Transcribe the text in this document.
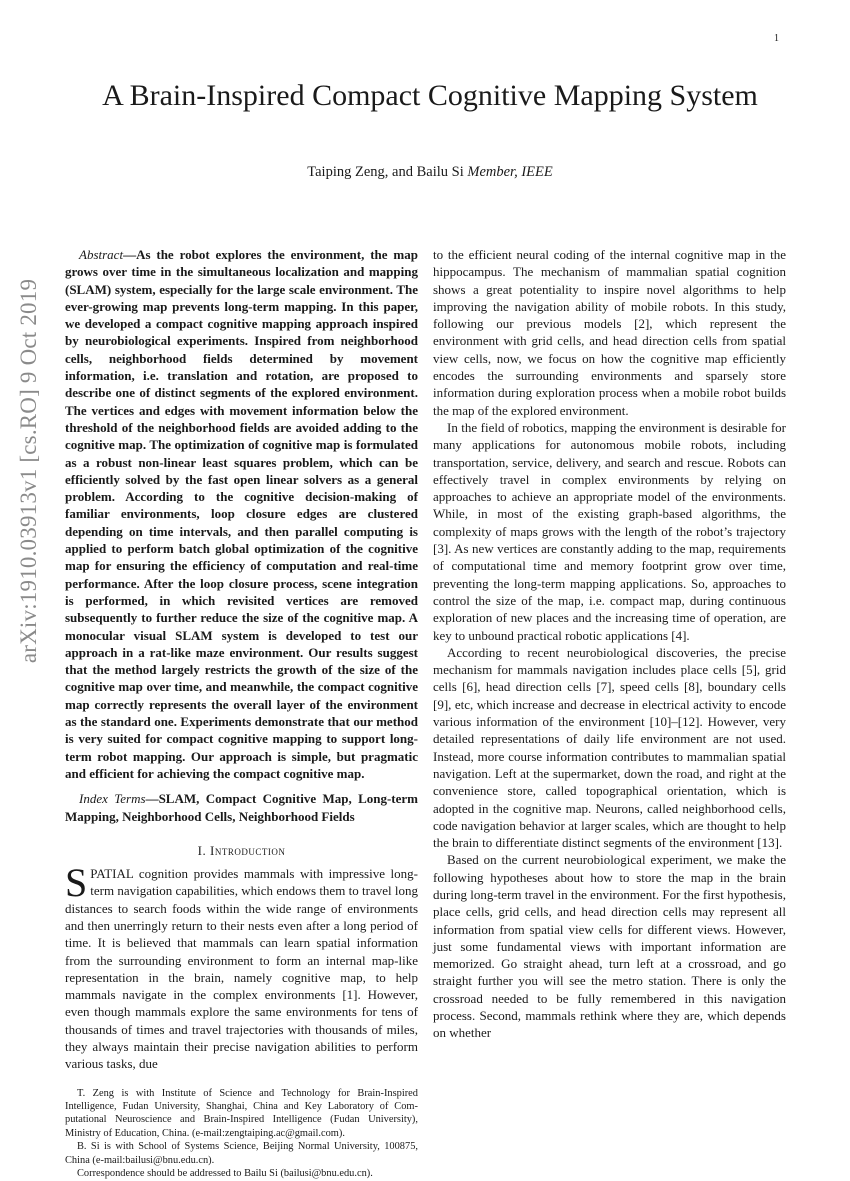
1
arXiv:1910.03913v1 [cs.RO] 9 Oct 2019
A Brain-Inspired Compact Cognitive Mapping System
Taiping Zeng, and Bailu Si Member, IEEE

Abstract—As the robot explores the environment, the map grows over time in the simultaneous localization and mapping (SLAM) system, especially for the large scale environment. The ever-growing map prevents long-term mapping. In this paper, we developed a compact cognitive mapping approach inspired by neurobiological experiments. Inspired from neighborhood cells, neighborhood fields determined by movement information, i.e. translation and rotation, are proposed to describe one of distinct segments of the explored environment. The vertices and edges with movement information below the threshold of the neighborhood fields are avoided adding to the cognitive map. The optimization of cognitive map is formulated as a robust non-linear least squares problem, which can be efficiently solved by the fast open linear solvers as a general problem. According to the cognitive decision-making of familiar environments, loop closure edges are clustered depending on time intervals, and then parallel computing is applied to perform batch global optimization of the cognitive map for ensuring the efficiency of computation and real-time performance. After the loop closure process, scene integration is performed, in which revisited vertices are removed subsequently to further reduce the size of the cognitive map. A monocular visual SLAM system is developed to test our approach in a rat-like maze environment. Our results suggest that the method largely restricts the growth of the size of the cognitive map over time, and meanwhile, the compact cognitive map correctly represents the overall layer of the environment as the standard one. Experiments demonstrate that our method is very suited for compact cognitive mapping to support long-term robot mapping. Our approach is simple, but pragmatic and efficient for achieving the compact cognitive map.

Index Terms—SLAM, Compact Cognitive Map, Long-term Mapping, Neighborhood Cells, Neighborhood Fields

I. Introduction

SPATIAL cognition provides mammals with impressive long-term navigation capabilities, which endows them to travel long distances to search foods within the wide range of environments and then unerringly return to their nests even after a long period of time. It is believed that mammals can learn spatial information from the surrounding environment to form an internal map-like representation in the brain, namely cognitive map, to help mammals navigate in the complex environments [1]. However, even though mammals explore the same environments for tens of thousands of times and travel trajectories with thousands of miles, they always maintain their precise navigation abilities to perform various tasks, due

T. Zeng is with Institute of Science and Technology for Brain-Inspired Intelligence, Fudan University, Shanghai, China and Key Laboratory of Computational Neuroscience and Brain-Inspired Intelligence (Fudan University), Ministry of Education, China. (e-mail:zengtaiping.ac@gmail.com).

B. Si is with School of Systems Science, Beijing Normal University, 100875, China (e-mail:bailusi@bnu.edu.cn).

Correspondence should be addressed to Bailu Si (bailusi@bnu.edu.cn).

to the efficient neural coding of the internal cognitive map in the hippocampus. The mechanism of mammalian spatial cognition shows a great potentiality to inspire novel algorithms to help improving the navigation ability of mobile robots. In this study, following our previous models [2], which represent the environment with grid cells, and head direction cells from spatial view cells, now, we focus on how the cognitive map efficiently encodes the surrounding environments and sparsely store information during exploration process when a mobile robot builds the map of the explored environment.

In the field of robotics, mapping the environment is desirable for many applications for autonomous mobile robots, including transportation, service, delivery, and search and rescue. Robots can effectively travel in complex environments by relying on approaches to achieve an appropriate model of the environments. While, in most of the existing graph-based algorithms, the complexity of maps grows with the length of the robot’s trajectory [3]. As new vertices are constantly adding to the map, requirements of computational time and memory footprint grow over time, preventing the long-term mapping applications. So, approaches to control the size of the map, i.e. compact map, during continuous exploration of new places and the increasing time of operation, are key to unbound practical robotic applications [4].

According to recent neurobiological discoveries, the precise mechanism for mammals navigation includes place cells [5], grid cells [6], head direction cells [7], speed cells [8], boundary cells [9], etc, which increase and decrease in electrical activity to encode various information of the environment [10]–[12]. However, very detailed representations of daily life environment are not used. Instead, more course information contributes to mammalian spatial navigation. Left at the supermarket, down the road, and right at the convenience store, called topographical orientation, which is adopted in the cognitive map. Neurons, called neighborhood cells, code navigation behavior at larger scales, which are thought to help the brain to differentiate distinct segments of the environment [13].

Based on the current neurobiological experiment, we make the following hypotheses about how to store the map in the brain during long-term travel in the environment. For the first hypothesis, place cells, grid cells, and head direction cells may represent all information from spatial view cells for different views. However, just some fundamental views with important information are memorized. Go straight ahead, turn left at a crossroad, and go straight further you will see the metro station. There is only the crossroad needed to be fully remembered in this navigation process. Second, mammals rethink where they are, which depends on whether
